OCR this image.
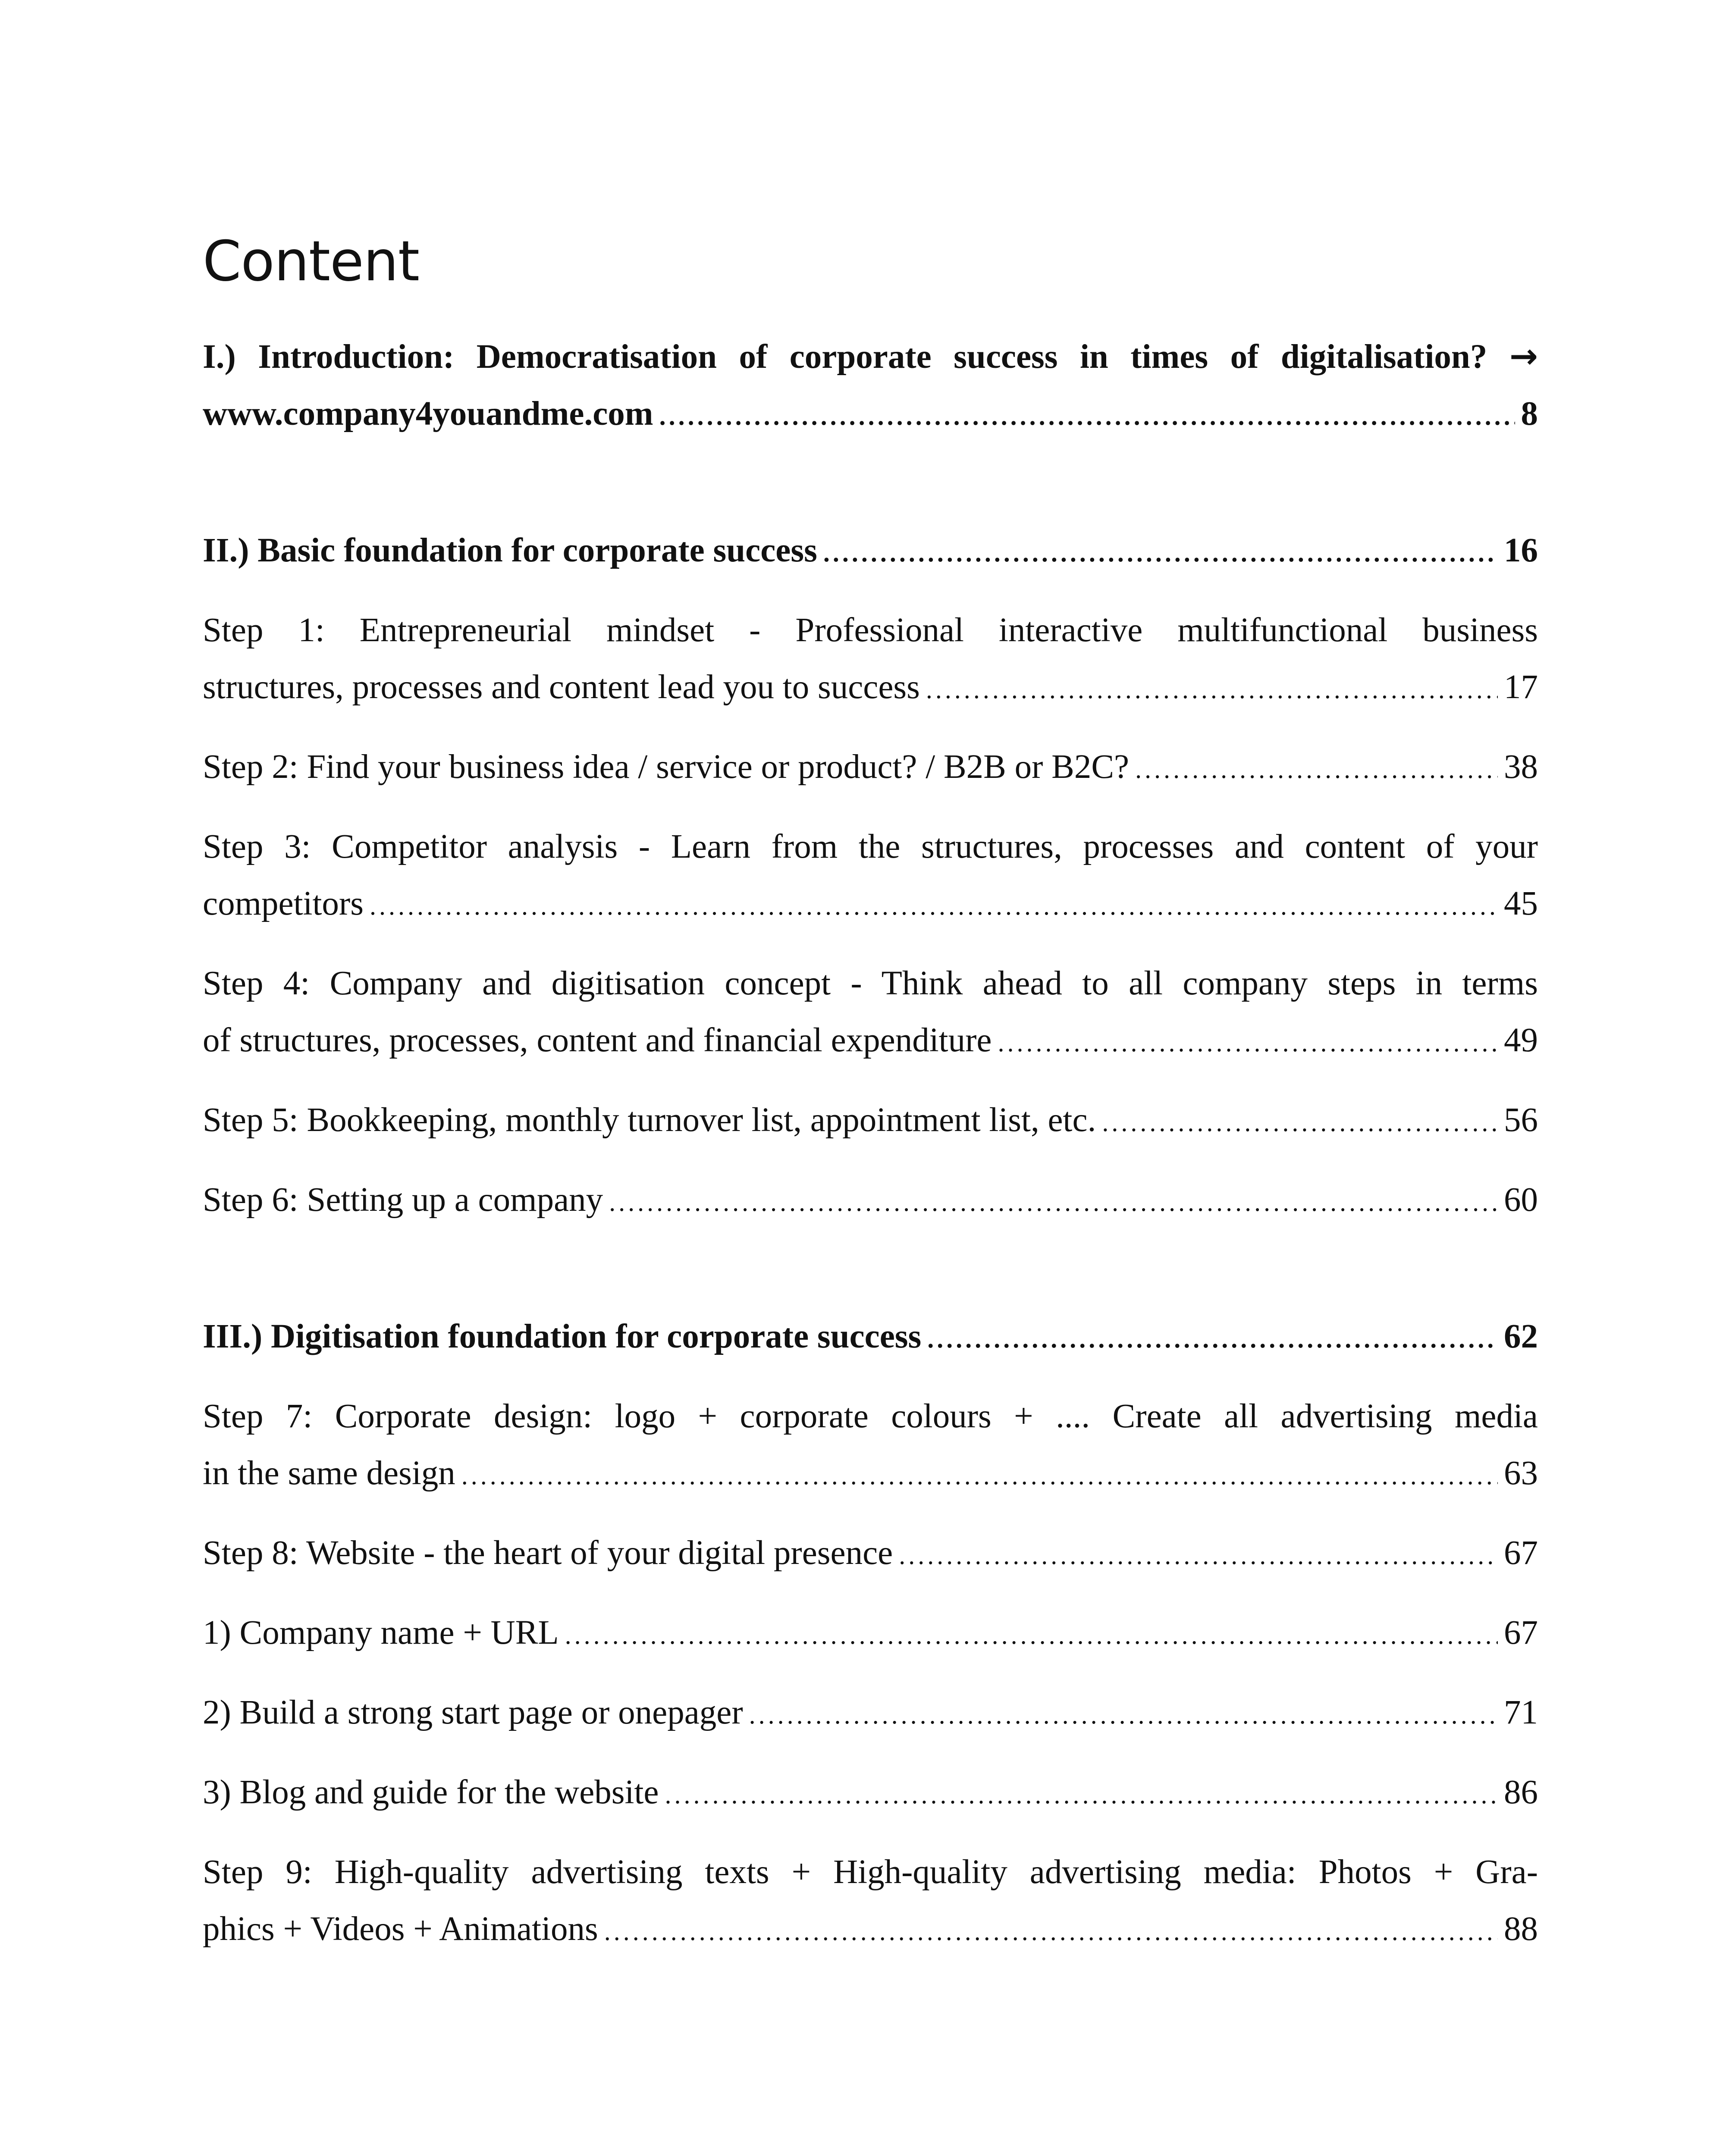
Content
I.) Introduction: Democratisation of corporate success in times of digitalisation? →
www.company4youandme.com . . .	8
II.) Basic foundation for corporate success . . .	16
Step 1: Entrepreneurial mindset - Professional interactive multifunctional business
structures, processes and content lead you to success . . .	17
Step 2: Find your business idea / service or product? / B2B or B2C? . . .	38
Step 3: Competitor analysis - Learn from the structures, processes and content of your
competitors . . .	45
Step 4: Company and digitisation concept - Think ahead to all company steps in terms
of structures, processes, content and financial expenditure . . .	49
Step 5: Bookkeeping, monthly turnover list, appointment list, etc. . . .	56
Step 6: Setting up a company . . .	60
III.) Digitisation foundation for corporate success . . .	62
Step 7: Corporate design: logo + corporate colours + .... Create all advertising media
in the same design . . .	63
Step 8: Website - the heart of your digital presence . . .	67
1) Company name + URL . . .	67
2) Build a strong start page or onepager . . .	71
3) Blog and guide for the website . . .	86
Step 9: High-quality advertising texts + High-quality advertising media: Photos + Gra-
phics + Videos + Animations . . .	88
